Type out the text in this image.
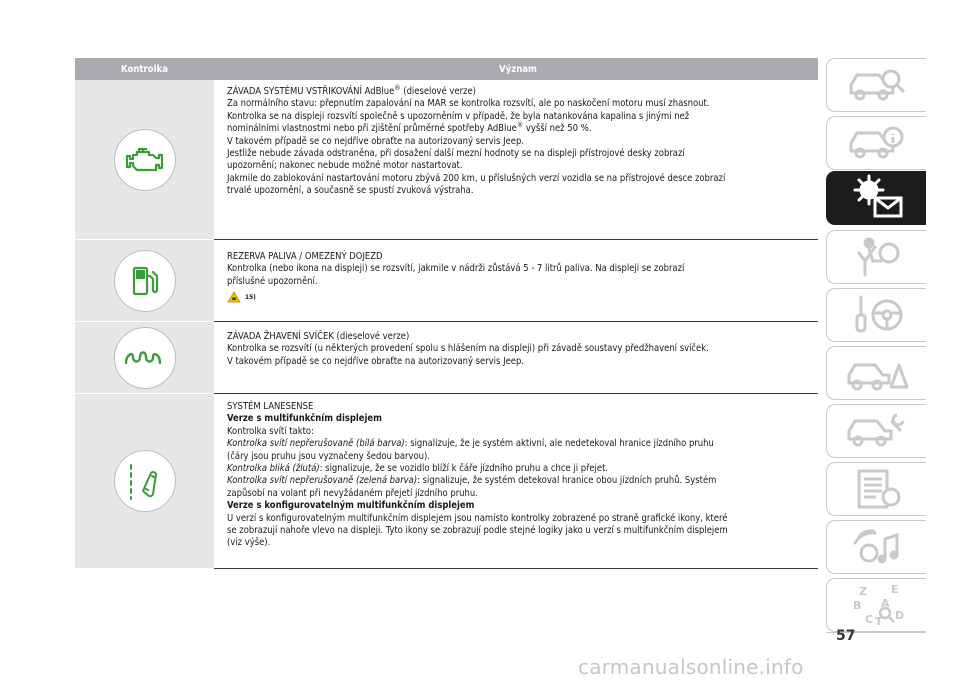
Kontrolka	Význam

ZÁVADA SYSTÉMU VSTŘIKOVÁNÍ AdBlue® (dieselové verze)

Za normálního stavu: přepnutím zapalování na MAR se kontrolka rozsvítí, ale po naskočení motoru musí zhasnout.

Kontrolka se na displeji rozsvítí společně s upozorněním v případě, že byla natankována kapalina s jinými než

nominálními vlastnostmi nebo při zjištění průměrné spotřeby AdBlue® vyšší než 50 %.

V takovém případě se co nejdříve obraťte na autorizovaný servis Jeep.

Jestliže nebude závada odstraněna, při dosažení další mezní hodnoty se na displeji přístrojové desky zobrazí

upozornění; nakonec nebude možné motor nastartovat.

Jakmile do zablokování nastartování motoru zbývá 200 km, u příslušných verzí vozidla se na přístrojové desce zobrazí

trvalé upozornění, a současně se spustí zvuková výstraha.

REZERVA PALIVA / OMEZENÝ DOJEZD

Kontrolka (nebo ikona na displeji) se rozsvítí, jakmile v nádrži zůstává 5 - 7 litrů paliva. Na displeji se zobrazí

příslušné upozornění.

15)

ZÁVADA ŽHAVENÍ SVÍČEK (dieselové verze)

Kontrolka se rozsvítí (u některých provedení spolu s hlášením na displeji) při závadě soustavy předžhavení svíček.

V takovém případě se co nejdříve obraťte na autorizovaný servis Jeep.

SYSTÉM LANESENSE

Verze s multifunkčním displejem

Kontrolka svítí takto:

Kontrolka svítí nepřerušovaně (bílá barva): signalizuje, že je systém aktivní, ale nedetekoval hranice jízdního pruhu

(čáry jsou pruhu jsou vyznačeny šedou barvou).

Kontrolka bliká (žlutá): signalizuje, že se vozidlo blíží k čáře jízdního pruhu a chce ji přejet.

Kontrolka svítí nepřerušovaně (zelená barva): signalizuje, že systém detekoval hranice obou jízdních pruhů. Systém

zapůsobí na volant při nevyžádaném přejetí jízdního pruhu.

Verze s konfigurovatelným multifunkčním displejem

U verzí s konfigurovatelným multifunkčním displejem jsou namísto kontrolky zobrazené po straně grafické ikony, které

se zobrazují nahoře vlevo na displeji. Tyto ikony se zobrazují podle stejné logiky jako u verzí s multifunkčním displejem

(viz výše).

Z E
B A
C T D
57
carmanualsonline.info
